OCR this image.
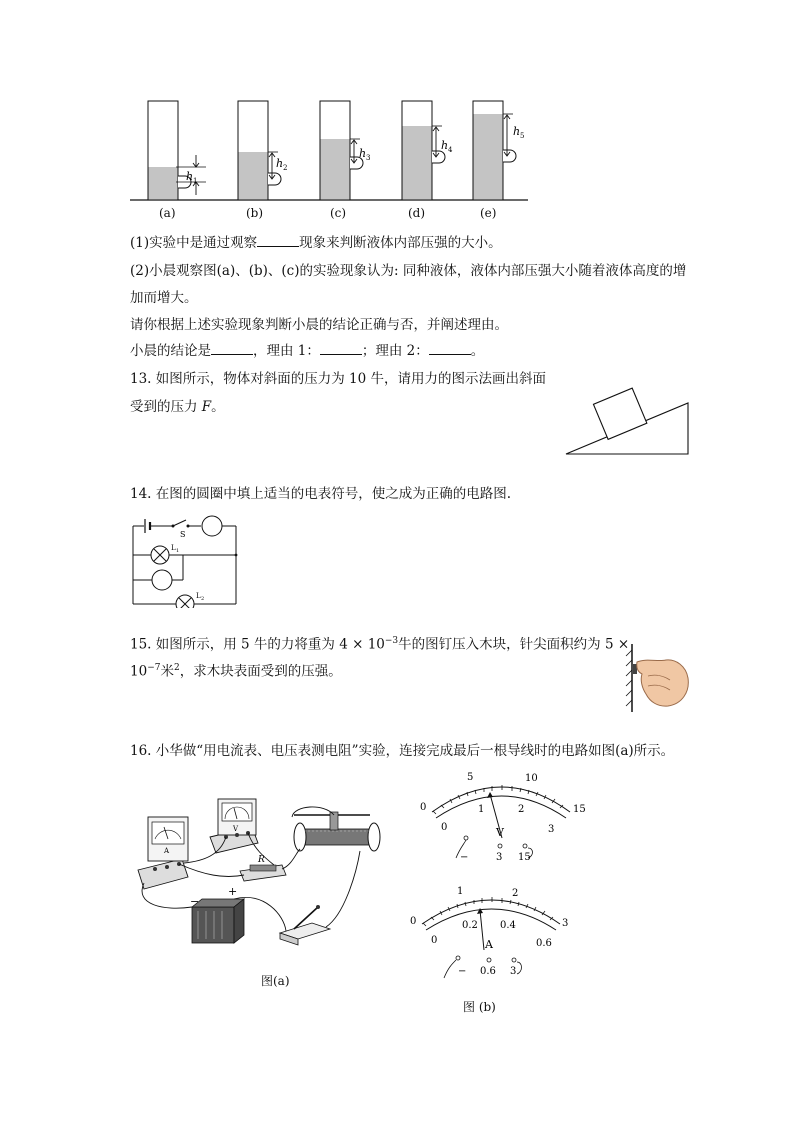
h 1
h 2
h 3
h 4
h 5
(a)	(b)	(c)	(d)	(e)
(1)实验中是通过观察	现象来判断液体内部压强的大小。
(2)小晨观察图(a)、(b)、(c)的实验现象认为: 同种液体，液体内部压强大小随着液体高度的增
加而增大。
请你根据上述实验现象判断小晨的结论正确与否，并阐述理由。
小晨的结论是	，理由 1：	；理由 2：	。
13. 如图所示，物体对斜面的压力为 10 牛，请用力的图示法画出斜面
受到的压力 F。
14. 在图的圆圈中填上适当的电表符号，使之成为正确的电路图.
S
L 1
L 2
15. 如图所示，用 5 牛的力将重为 $4 \times 10^{-3}$牛的图钉压入木块，针尖面积约为 5 ×
$10^{-7}$米$^2$，求木块表面受到的压强。
16. 小华做“用电流表、电压表测电阻”实验，连接完成最后一根导线时的电路如图(a)所示。
A
V
R
−
+
图(a)
0
5	10
15
0
1	2
3
V
−	3 15
0
1	2
3
0
0.2 0.4
0.6
A
− 0.6 3
图 (b)
